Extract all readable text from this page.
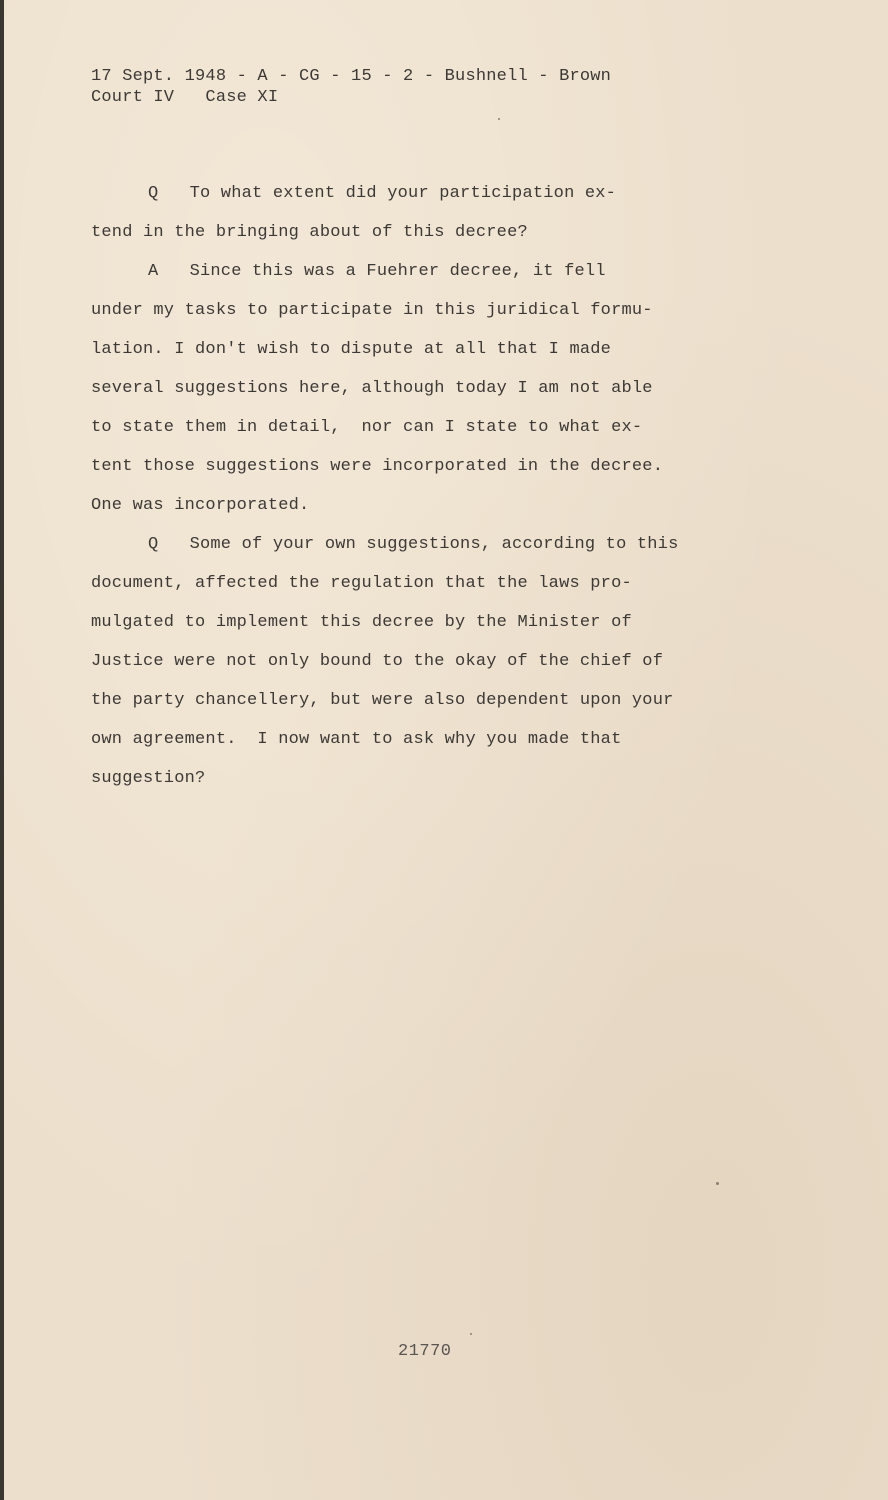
17 Sept. 1948 - A - CG - 15 - 2 - Bushnell - Brown
Court IV   Case XI
Q   To what extent did your participation ex-
tend in the bringing about of this decree?
A   Since this was a Fuehrer decree, it fell
under my tasks to participate in this juridical formu-
lation. I don't wish to dispute at all that I made
several suggestions here, although today I am not able
to state them in detail,  nor can I state to what ex-
tent those suggestions were incorporated in the decree.
One was incorporated.
Q   Some of your own suggestions, according to this
document, affected the regulation that the laws pro-
mulgated to implement this decree by the Minister of
Justice were not only bound to the okay of the chief of
the party chancellery, but were also dependent upon your
own agreement.  I now want to ask why you made that
suggestion?
21770
